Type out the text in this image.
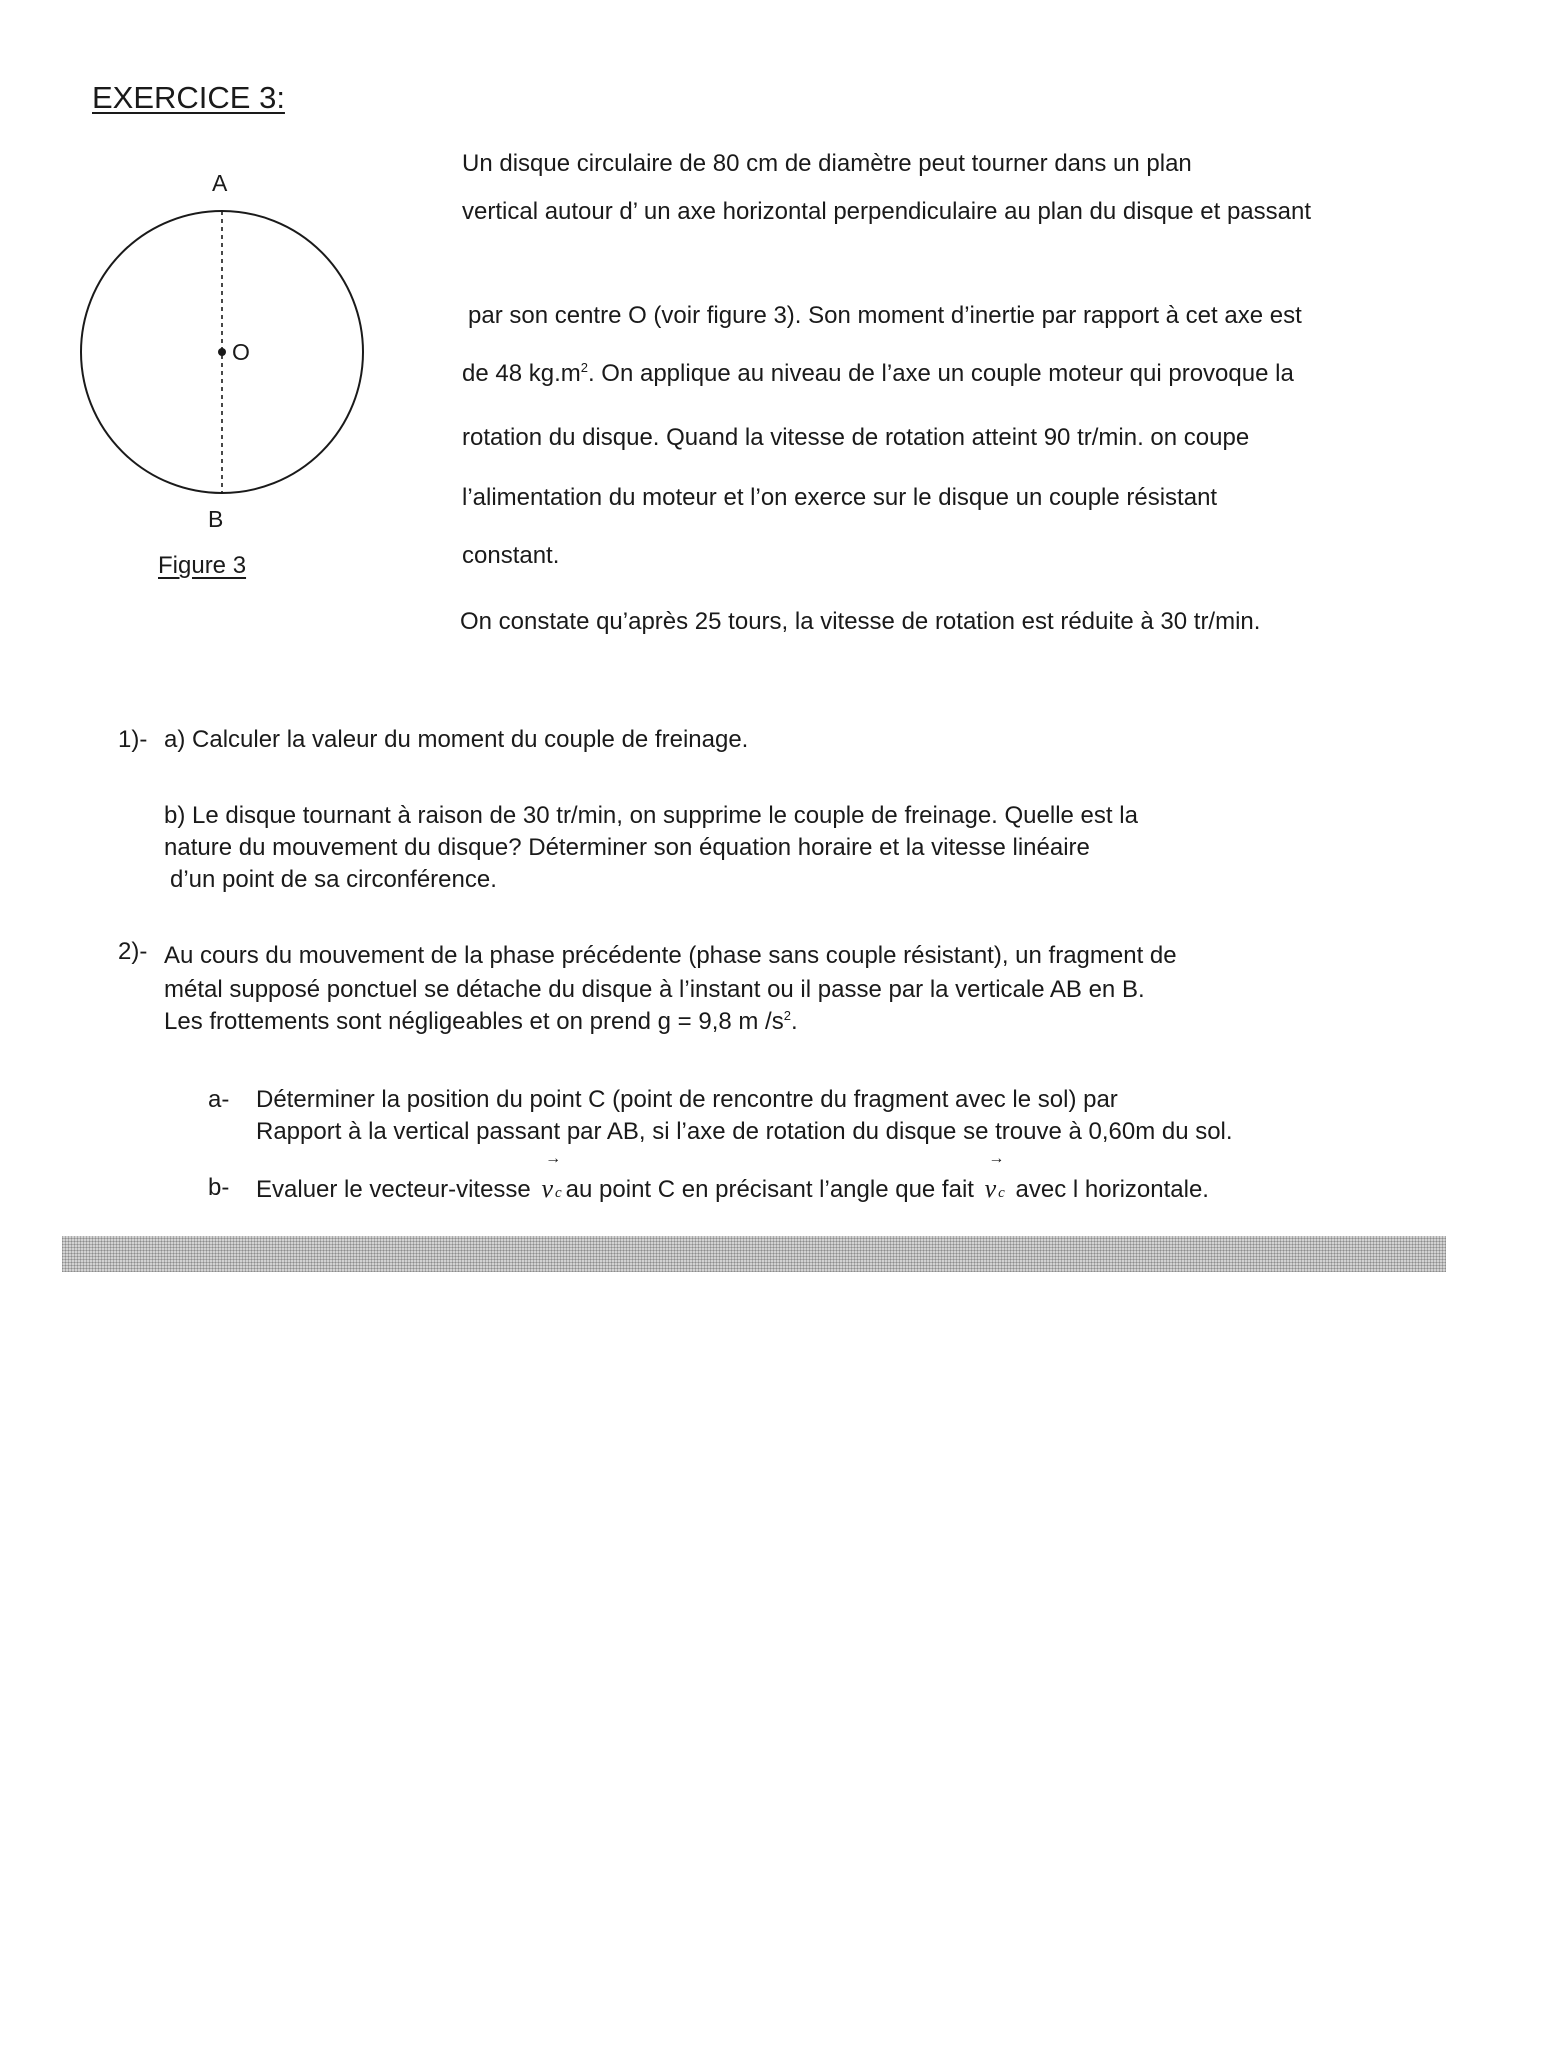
EXERCICE 3:
A
O
B
Figure 3
Un disque circulaire de 80 cm de diamètre peut tourner dans un plan
vertical autour d’ un axe horizontal perpendiculaire au plan du disque et passant
par son centre O (voir figure 3). Son moment d’inertie par rapport à cet axe est
de 48 $kg.m^2$. On applique au niveau de l’axe un couple moteur qui provoque la
rotation du disque. Quand la vitesse de rotation atteint 90 tr/min. on coupe
l’alimentation du moteur et l’on exerce sur le disque un couple résistant
constant.
On constate qu’après 25 tours, la vitesse de rotation est réduite à 30 tr/min.
1)- a) Calculer la valeur du moment du couple de freinage.
b) Le disque tournant à raison de 30 tr/min, on supprime le couple de freinage. Quelle est la
nature du mouvement du disque? Déterminer son équation horaire et la vitesse linéaire
d’un point de sa circonférence.
2)- Au cours du mouvement de la phase précédente (phase sans couple résistant), un fragment de
métal supposé ponctuel se détache du disque à l’instant ou il passe par la verticale AB en B.
Les frottements sont négligeables et on prend g = 9,8 m $/s^2$.
a- Déterminer la position du point C (point de rencontre du fragment avec le sol) par
Rapport à la vertical passant par AB, si l’axe de rotation du disque se trouve à 0,60m du sol.
b- Evaluer le vecteur-vitesse
→
v c au point C en précisant l’angle que fait
→
v c avec l horizontale.
